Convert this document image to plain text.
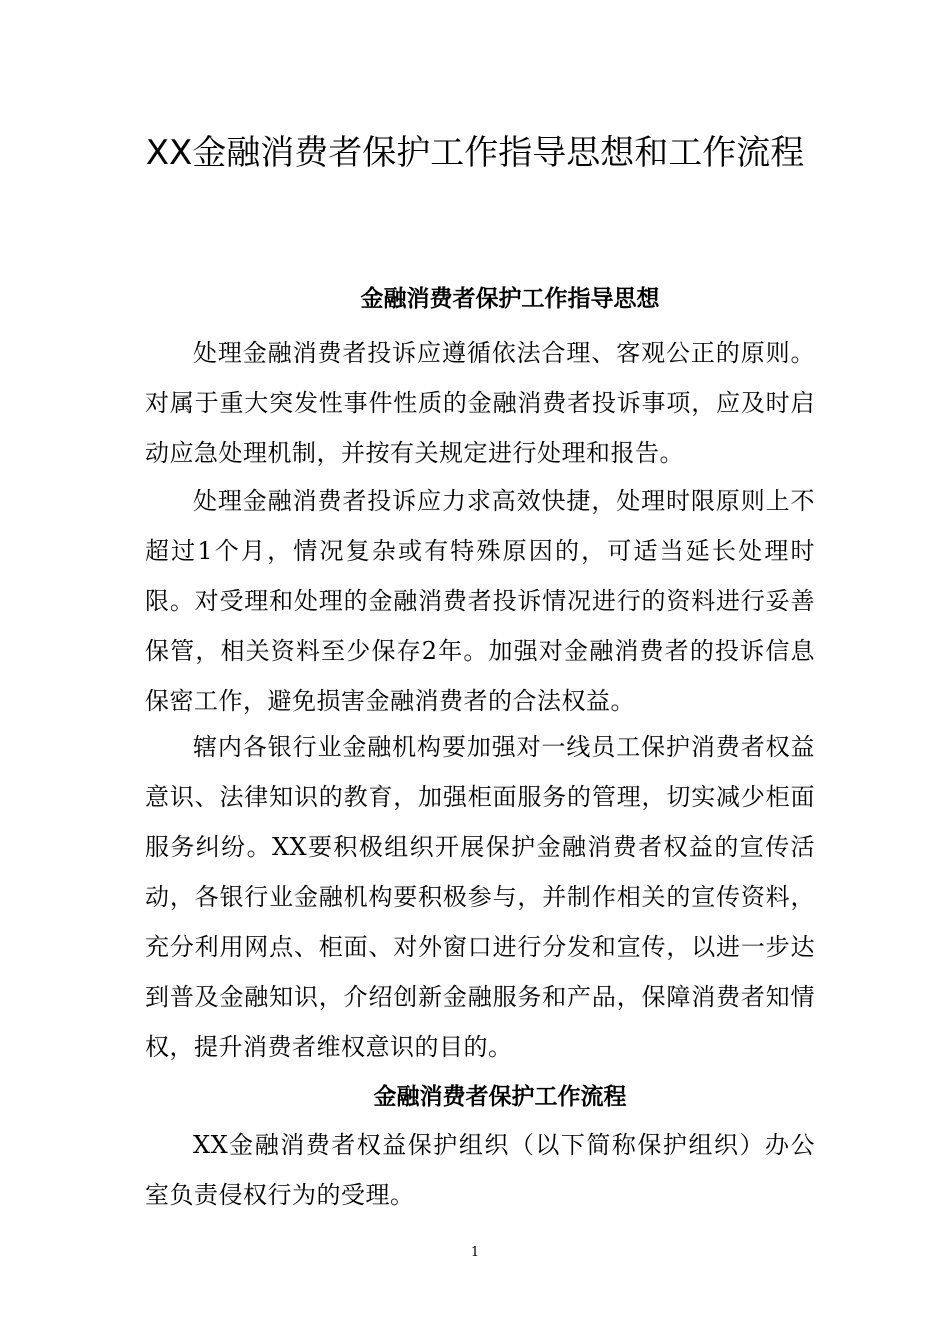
XX金融消费者保护工作指导思想和工作流程
金融消费者保护工作指导思想

处理金融消费者投诉应遵循依法合理、客观公正的原则。对属于重大突发性事件性质的金融消费者投诉事项，应及时启动应急处理机制，并按有关规定进行处理和报告。

处理金融消费者投诉应力求高效快捷，处理时限原则上不超过1个月，情况复杂或有特殊原因的，可适当延长处理时限。对受理和处理的金融消费者投诉情况进行的资料进行妥善保管，相关资料至少保存2年。加强对金融消费者的投诉信息保密工作，避免损害金融消费者的合法权益。

辖内各银行业金融机构要加强对一线员工保护消费者权益意识、法律知识的教育，加强柜面服务的管理，切实减少柜面服务纠纷。XX要积极组织开展保护金融消费者权益的宣传活动，各银行业金融机构要积极参与，并制作相关的宣传资料，充分利用网点、柜面、对外窗口进行分发和宣传，以进一步达到普及金融知识，介绍创新金融服务和产品，保障消费者知情权，提升消费者维权意识的目的。

金融消费者保护工作流程

XX金融消费者权益保护组织（以下简称保护组织）办公室负责侵权行为的受理。

1
